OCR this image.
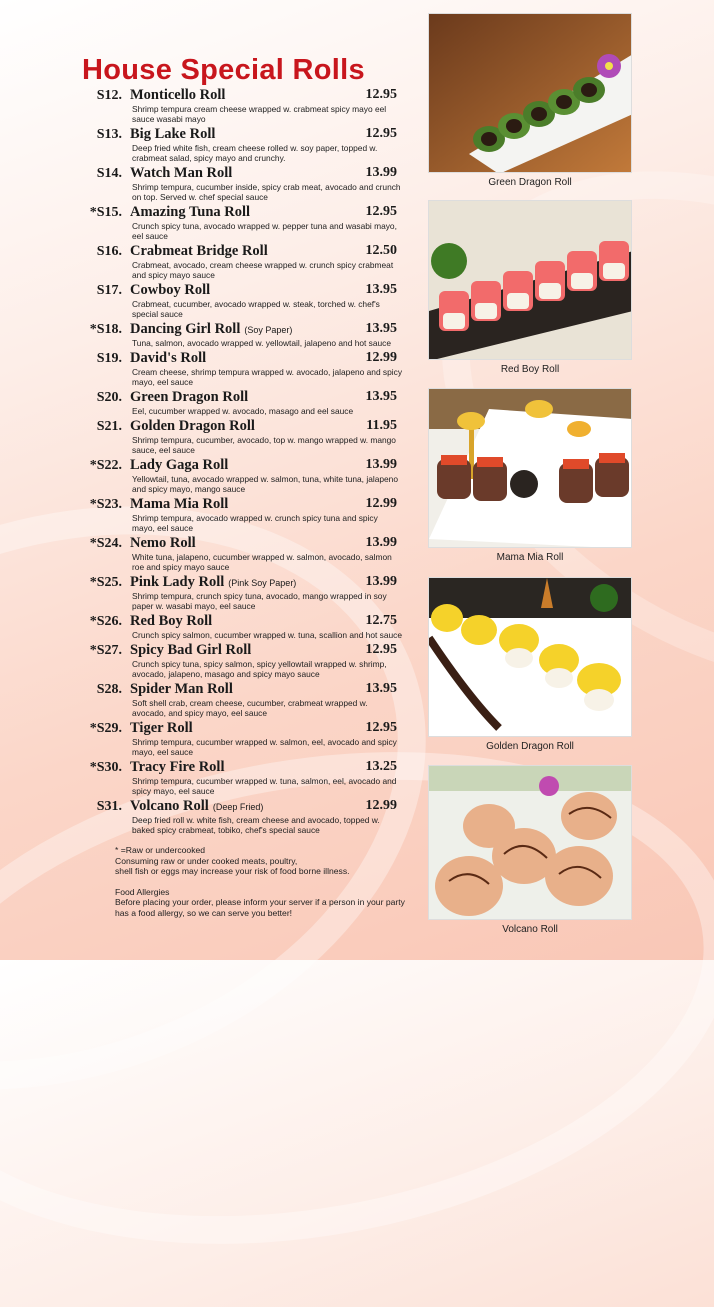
House Special Rolls
S12. Monticello Roll	12.95
Shrimp tempura cream cheese wrapped w. crabmeat spicy mayo eel sauce wasabi mayo
S13. Big Lake Roll	12.95
Deep fried white fish, cream cheese rolled w. soy paper, topped w. crabmeat salad, spicy mayo and crunchy.
S14. Watch Man Roll	13.99
Shrimp tempura, cucumber inside, spicy crab meat, avocado and crunch on top. Served w. chef special sauce
*S15. Amazing Tuna Roll	12.95
Crunch spicy tuna, avocado wrapped w. pepper tuna and wasabi mayo, eel sauce
S16. Crabmeat Bridge Roll	12.50
Crabmeat, avocado, cream cheese wrapped w. crunch spicy crabmeat and spicy mayo sauce
S17. Cowboy Roll	13.95
Crabmeat, cucumber, avocado wrapped w. steak, torched w. chef's special sauce
*S18. Dancing Girl Roll (Soy Paper)	13.95
Tuna, salmon, avocado wrapped w. yellowtail, jalapeno and hot sauce
S19. David's Roll	12.99
Cream cheese, shrimp tempura wrapped w. avocado, jalapeno and spicy mayo, eel sauce
S20. Green Dragon Roll	13.95
Eel, cucumber wrapped w. avocado, masago and eel sauce
S21. Golden Dragon Roll	11.95
Shrimp tempura, cucumber, avocado, top w. mango wrapped w. mango sauce, eel sauce
*S22. Lady Gaga Roll	13.99
Yellowtail, tuna, avocado wrapped w. salmon, tuna, white tuna, jalapeno and spicy mayo, mango sauce
*S23. Mama Mia Roll	12.99
Shrimp tempura, avocado wrapped w. crunch spicy tuna and spicy mayo, eel sauce
*S24. Nemo Roll	13.99
White tuna, jalapeno, cucumber wrapped w. salmon, avocado, salmon roe and spicy mayo sauce
*S25. Pink Lady Roll (Pink Soy Paper)	13.99
Shrimp tempura, crunch spicy tuna, avocado, mango wrapped in soy paper w. wasabi mayo, eel sauce
*S26. Red Boy Roll	12.75
Crunch spicy salmon, cucumber wrapped w. tuna, scallion and hot sauce
*S27. Spicy Bad Girl Roll	12.95
Crunch spicy tuna, spicy salmon, spicy yellowtail wrapped w. shrimp, avocado, jalapeno, masago and spicy mayo sauce
S28. Spider Man Roll	13.95
Soft shell crab, cream cheese, cucumber, crabmeat wrapped w. avocado, and spicy mayo, eel sauce
*S29. Tiger Roll	12.95
Shrimp tempura, cucumber wrapped w. salmon, eel, avocado and spicy mayo, eel sauce
*S30. Tracy Fire Roll	13.25
Shrimp tempura, cucumber wrapped w. tuna, salmon, eel, avocado and spicy mayo, eel sauce
S31. Volcano Roll (Deep Fried)	12.99
Deep fried roll w. white fish, cream cheese and avocado, topped w. baked spicy crabmeat, tobiko, chef's special sauce

* =Raw or undercooked

Consuming raw or under cooked meats, poultry,

shell fish or eggs may increase your risk of food borne illness.

Food Allergies

Before placing your order, please inform your server if a person in your party has a food allergy, so we can serve you better!

Green Dragon Roll
Red Boy Roll
Mama Mia Roll
Golden Dragon Roll
Volcano Roll
